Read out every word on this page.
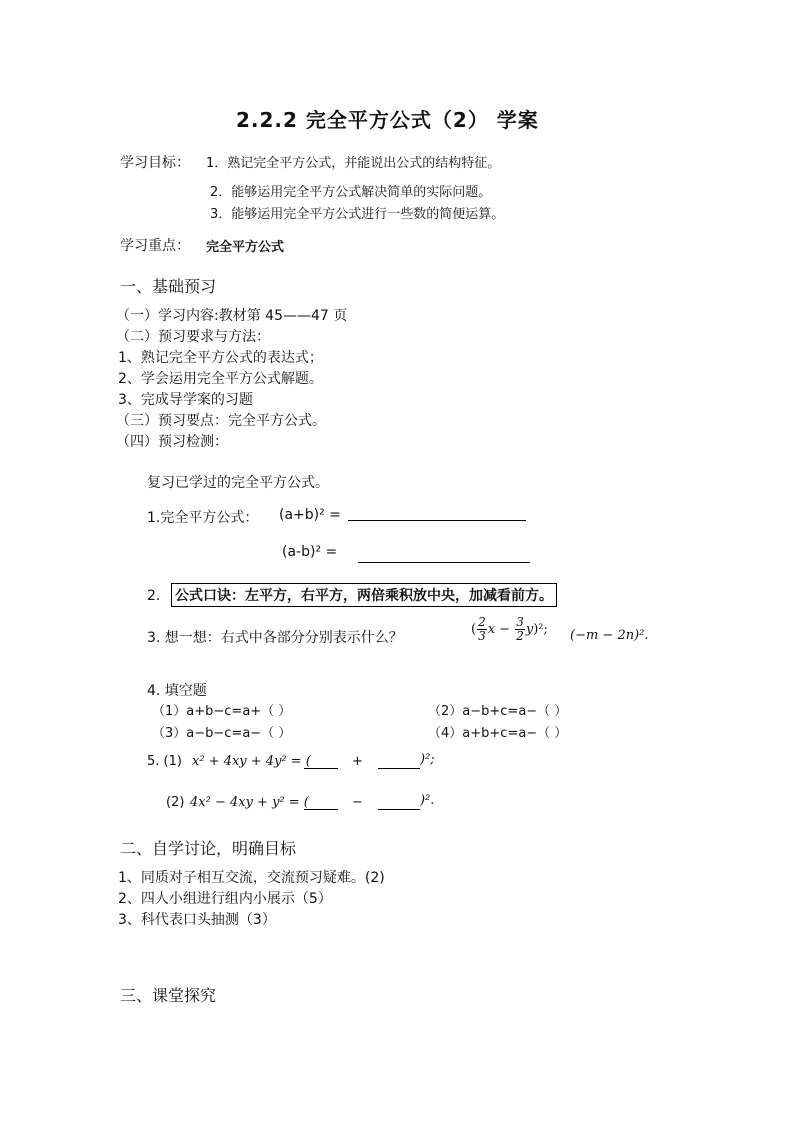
2.2.2 完全平方公式（2） 学案
学习目标： 1．熟记完全平方公式，并能说出公式的结构特征。
2．能够运用完全平方公式解决简单的实际问题。
3．能够运用完全平方公式进行一些数的简便运算。
学习重点： 完全平方公式
一、基础预习
（一）学习内容:教材第 45——47 页
（二）预习要求与方法：
1、熟记完全平方公式的表达式；
2、学会运用完全平方公式解题。
3、完成导学案的习题
（三）预习要点：完全平方公式。
（四）预习检测：
复习已学过的完全平方公式。
1.完全平方公式： (a+b)² =
(a-b)² =
2. 公式口诀：左平方，右平方，两倍乘积放中央，加减看前方。
3. 想一想：右式中各部分分别表示什么？
( $\frac{2}{3}$ $x - \frac{3}{2} y)^2$; (−m − 2n)².
4. 填空题
（1）a+b−c=a+（ ）	（2）a−b+c=a−（ ）
（3）a−b−c=a−（ ）	（4）a+b+c=a−（ ）
5. (1) x² + 4xy + 4y² = (	+	)²;
(2) 4x² − 4xy + y² = (	−	)².
二、自学讨论，明确目标
1、同质对子相互交流，交流预习疑难。(2)
2、四人小组进行组内小展示（5）
3、科代表口头抽测（3）
三、课堂探究
